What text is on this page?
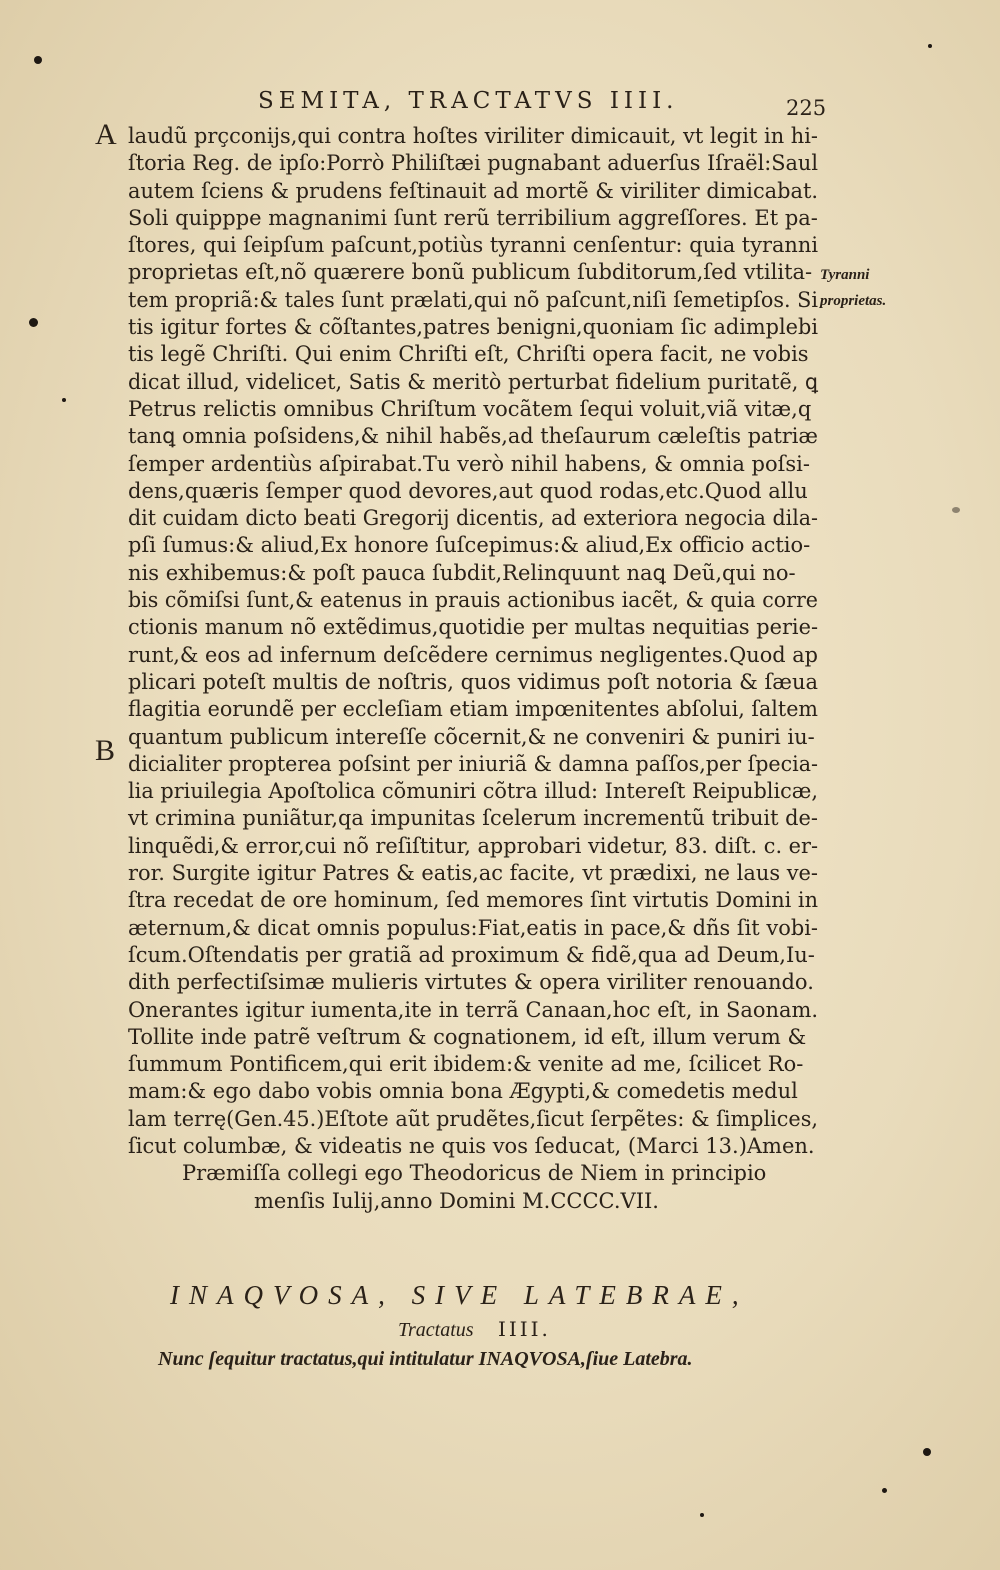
SEMITA, TRACTATVS IIII.	225
A
B
Tyranni
proprietas.
laudũ prçconijs,qui contra hoſtes viriliter dimicauit, vt legit in hi-
ſtoria Reg. de ipſo:Porrò Philiſtæi pugnabant aduerſus Iſraël:Saul
autem ſciens & prudens feſtinauit ad mortẽ & viriliter dimicabat.
Soli quipppe magnanimi ſunt rerũ terribilium aggreſſores. Et pa-
ſtores, qui ſeipſum paſcunt,potiùs tyranni cenſentur: quia tyranni
proprietas eſt,nõ quærere bonũ publicum ſubditorum,ſed vtilita-
tem propriã:& tales ſunt prælati,qui nõ paſcunt,niſi ſemetipſos. Si
tis igitur fortes & cõſtantes,patres benigni,quoniam ſic adimplebi
tis legẽ Chriſti. Qui enim Chriſti eſt, Chriſti opera facit, ne vobis
dicat illud, videlicet, Satis & meritò perturbat fidelium puritatẽ, ꝗ
Petrus relictis omnibus Chriſtum vocãtem ſequi voluit,viã vitæ,q
tanꝗ omnia poſsidens,& nihil habẽs,ad theſaurum cæleſtis patriæ
ſemper ardentiùs aſpirabat.Tu verò nihil habens, & omnia poſsi-
dens,quæris ſemper quod devores,aut quod rodas,etc.Quod allu
dit cuidam dicto beati Gregorij dicentis, ad exteriora negocia dila-
pſi ſumus:& aliud,Ex honore ſuſcepimus:& aliud,Ex officio actio-
nis exhibemus:& poſt pauca ſubdit,Relinquunt naꝗ Deũ,qui no-
bis cõmiſsi ſunt,& eatenus in prauis actionibus iacẽt, & quia corre
ctionis manum nõ extẽdimus,quotidie per multas nequitias perie-
runt,& eos ad infernum deſcẽdere cernimus negligentes.Quod ap
plicari poteſt multis de noſtris, quos vidimus poſt notoria & ſæua
flagitia eorundẽ per eccleſiam etiam impœnitentes abſolui, ſaltem
quantum publicum intereſſe cõcernit,& ne conveniri & puniri iu-
dicialiter propterea poſsint per iniuriã & damna paſſos,per ſpecia-
lia priuilegia Apoſtolica cõmuniri cõtra illud: Intereſt Reipublicæ,
vt crimina puniãtur,qa impunitas ſcelerum incrementũ tribuit de-
linquẽdi,& error,cui nõ reſiſtitur, approbari videtur, 83. diſt. c. er-
ror. Surgite igitur Patres & eatis,ac facite, vt prædixi, ne laus ve-
ſtra recedat de ore hominum, ſed memores ſint virtutis Domini in
æternum,& dicat omnis populus:Fiat,eatis in pace,& dñs ſit vobi-
ſcum.Oſtendatis per gratiã ad proximum & fidẽ,qua ad Deum,Iu-
dith perfectiſsimæ mulieris virtutes & opera viriliter renouando.
Onerantes igitur iumenta,ite in terrã Canaan,hoc eſt, in Saonam.
Tollite inde patrẽ veſtrum & cognationem, id eſt, illum verum &
ſummum Pontificem,qui erit ibidem:& venite ad me, ſcilicet Ro-
mam:& ego dabo vobis omnia bona Ægypti,& comedetis medul
lam terrę(Gen.45.)Eſtote aũt prudẽtes,ſicut ſerpẽtes: & ſimplices,
ſicut columbæ, & videatis ne quis vos ſeducat, (Marci 13.)Amen.
Præmiſſa collegi ego Theodoricus de Niem in principio
menſis Iulij,anno Domini M.CCCC.VII.
INAQVOSA, SIVE LATEBRAE,
Tractatus IIII.
Nunc ſequitur tractatus,qui intitulatur INAQVOSA,ſiue Latebra.
